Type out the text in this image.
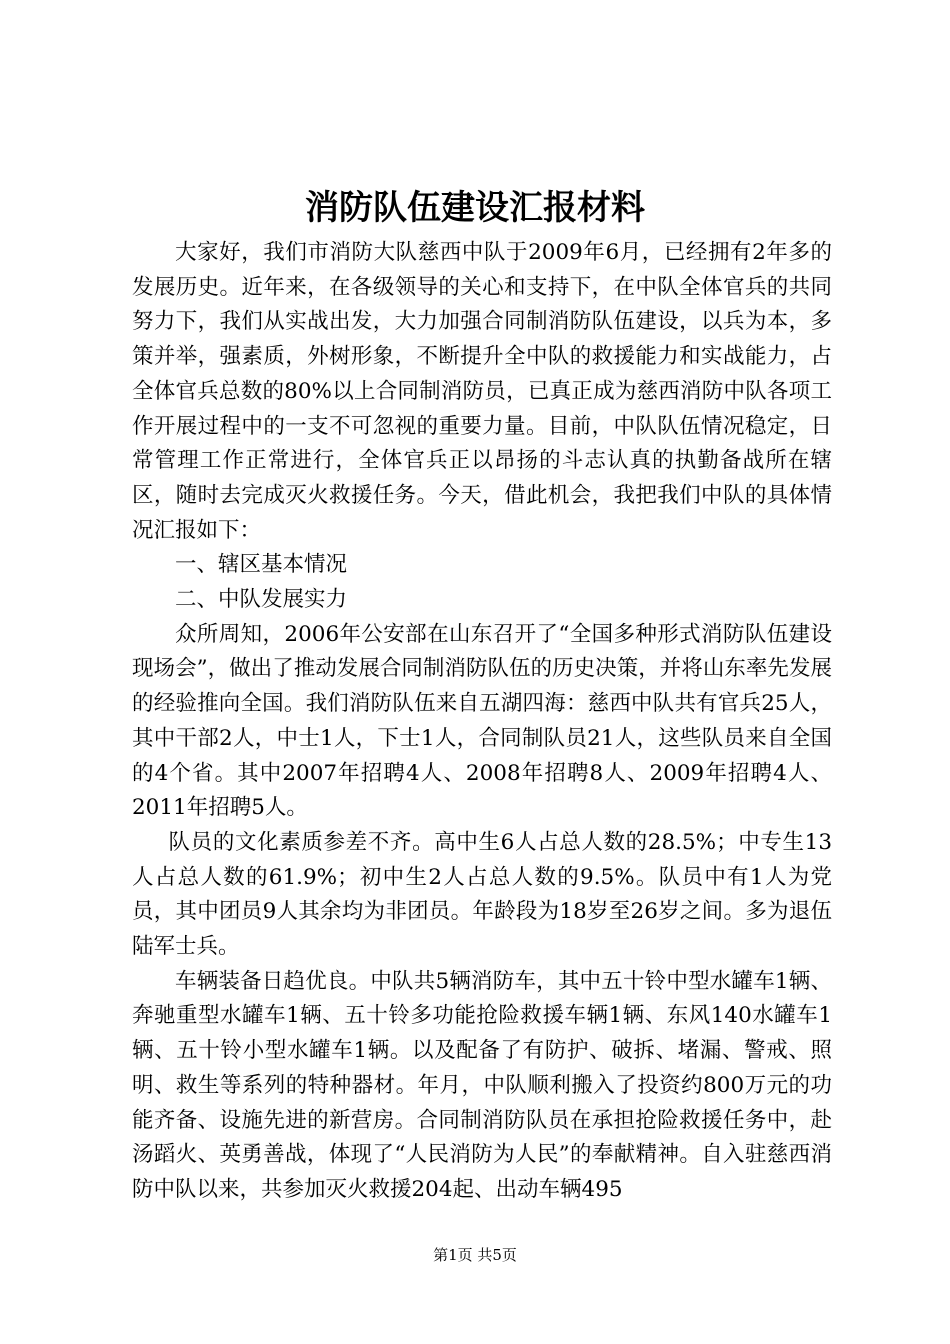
消防队伍建设汇报材料

大家好，我们市消防大队慈西中队于2009年6月，已经拥有2年多的发展历史。近年来，在各级领导的关心和支持下，在中队全体官兵的共同努力下，我们从实战出发，大力加强合同制消防队伍建设，以兵为本，多策并举，强素质，外树形象，不断提升全中队的救援能力和实战能力，占全体官兵总数的80%以上合同制消防员，已真正成为慈西消防中队各项工作开展过程中的一支不可忽视的重要力量。目前，中队队伍情况稳定，日常管理工作正常进行，全体官兵正以昂扬的斗志认真的执勤备战所在辖区，随时去完成灭火救援任务。今天，借此机会，我把我们中队的具体情况汇报如下：

一、辖区基本情况

二、中队发展实力

众所周知，2006年公安部在山东召开了“全国多种形式消防队伍建设现场会”，做出了推动发展合同制消防队伍的历史决策，并将山东率先发展的经验推向全国。我们消防队伍来自五湖四海：慈西中队共有官兵25人，其中干部2人，中士1人，下士1人，合同制队员21人，这些队员来自全国的4个省。其中2007年招聘4人、2008年招聘8人、2009年招聘4人、2011年招聘5人。

队员的文化素质参差不齐。高中生6人占总人数的28.5%；中专生13人占总人数的61.9%；初中生2人占总人数的9.5%。队员中有1人为党员，其中团员9人其余均为非团员。年龄段为18岁至26岁之间。多为退伍陆军士兵。

车辆装备日趋优良。中队共5辆消防车，其中五十铃中型水罐车1辆、奔驰重型水罐车1辆、五十铃多功能抢险救援车辆1辆、东风140水罐车1辆、五十铃小型水罐车1辆。以及配备了有防护、破拆、堵漏、警戒、照明、救生等系列的特种器材。年月，中队顺利搬入了投资约800万元的功能齐备、设施先进的新营房。合同制消防队员在承担抢险救援任务中，赴汤蹈火、英勇善战，体现了“人民消防为人民”的奉献精神。自入驻慈西消防中队以来，共参加灭火救援204起、出动车辆495

第1页 共5页
